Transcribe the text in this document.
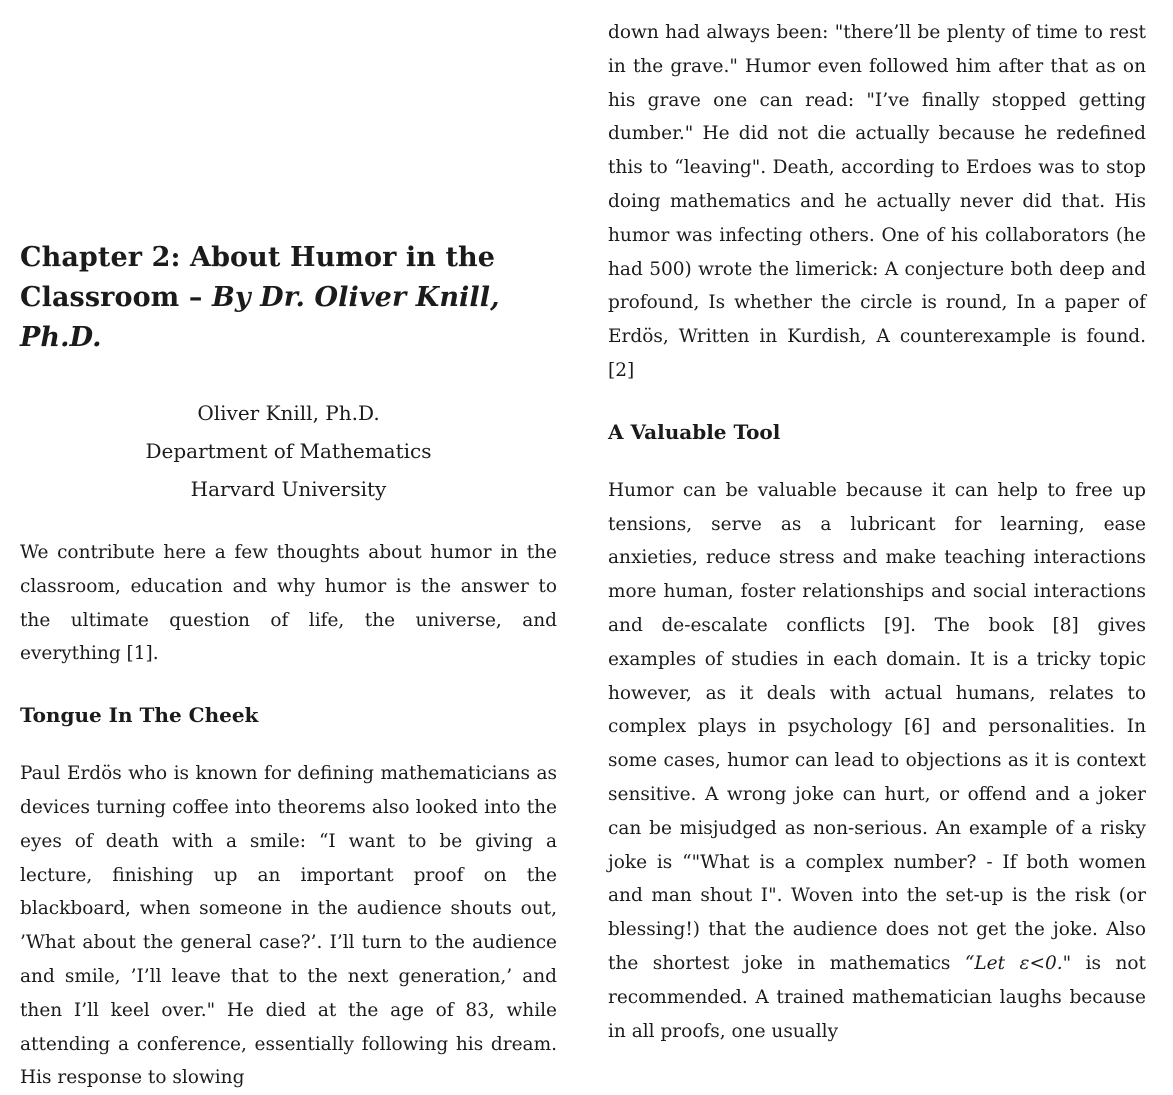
Chapter 2: About Humor in the Classroom – By Dr. Oliver Knill, Ph.D.
Oliver Knill, Ph.D.
Department of Mathematics
Harvard University

We contribute here a few thoughts about humor in the classroom, education and why humor is the answer to the ultimate question of life, the universe, and everything [1].

Tongue In The Cheek

Paul Erdös who is known for defining mathematicians as devices turning coffee into theorems also looked into the eyes of death with a smile: “I want to be giving a lecture, finishing up an important proof on the blackboard, when someone in the audience shouts out, ’What about the general case?’. I’ll turn to the audience and smile, ’I’ll leave that to the next generation,’ and then I’ll keel over." He died at the age of 83, while attending a conference, essentially following his dream. His response to slowing

down had always been: "there’ll be plenty of time to rest in the grave." Humor even followed him after that as on his grave one can read: "I’ve finally stopped getting dumber." He did not die actually because he redefined this to “leaving". Death, according to Erdoes was to stop doing mathematics and he actually never did that. His humor was infecting others. One of his collaborators (he had 500) wrote the limerick: A conjecture both deep and profound, Is whether the circle is round, In a paper of Erdös, Written in Kurdish, A counterexample is found. [2]

A Valuable Tool

Humor can be valuable because it can help to free up tensions, serve as a lubricant for learning, ease anxieties, reduce stress and make teaching interactions more human, foster relationships and social interactions and de-escalate conflicts [9]. The book [8] gives examples of studies in each domain. It is a tricky topic however, as it deals with actual humans, relates to complex plays in psychology [6] and personalities. In some cases, humor can lead to objections as it is context sensitive. A wrong joke can hurt, or offend and a joker can be misjudged as non-serious. An example of a risky joke is “"What is a complex number? - If both women and man shout I". Woven into the set-up is the risk (or blessing!) that the audience does not get the joke. Also the shortest joke in mathematics “Let ε<0." is not recommended. A trained mathematician laughs because in all proofs, one usually
